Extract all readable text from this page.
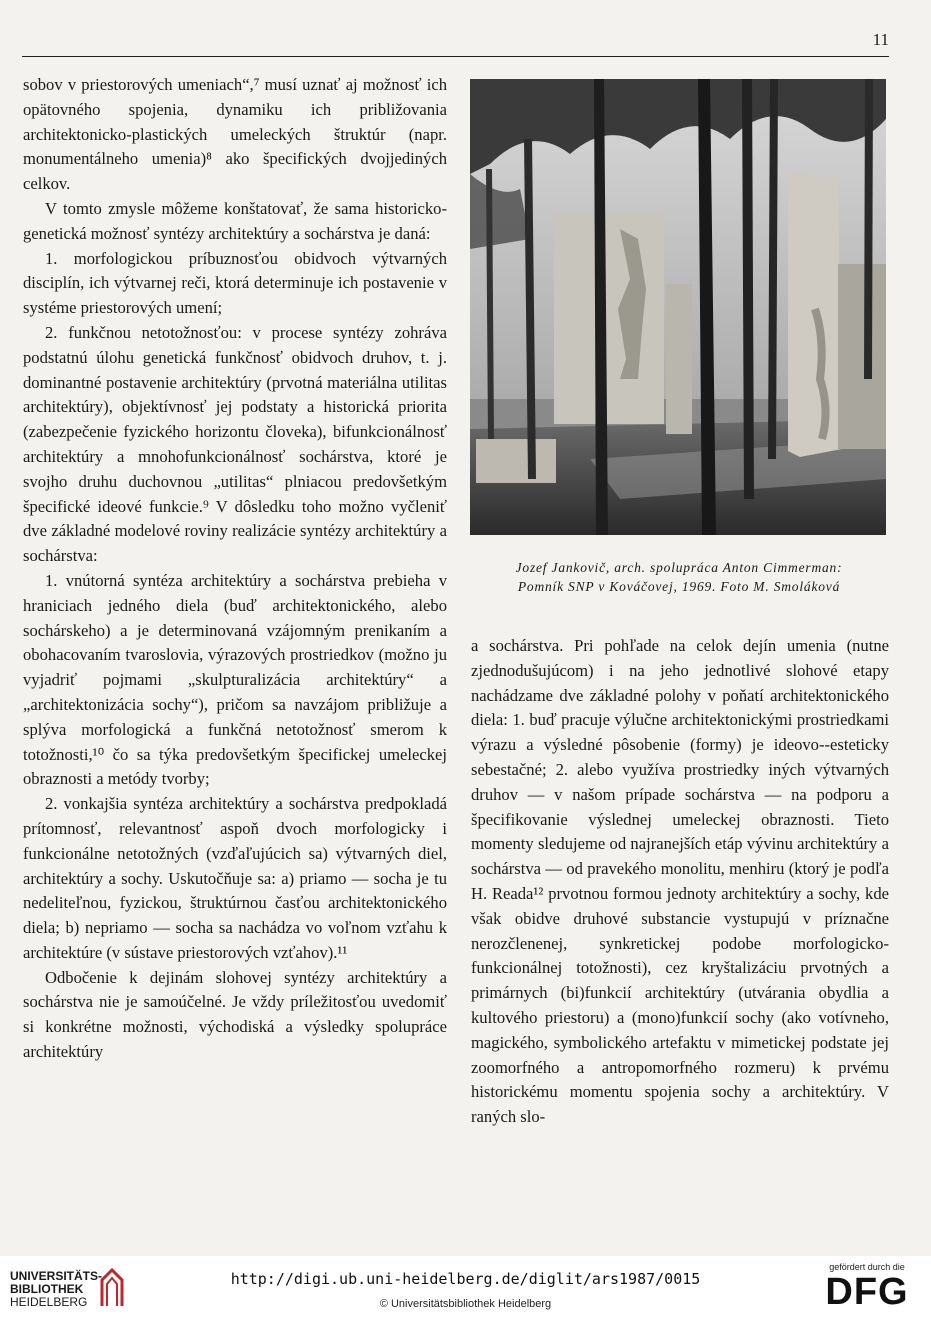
11

sobov v priestorových umeniach“,⁷ musí uznať aj možnosť ich opätovného spojenia, dynamiku ich približovania architektonicko-plastických umeleckých štruktúr (napr. monumentálneho umenia)⁸ ako špecifických dvojjediných celkov.

V tomto zmysle môžeme konštatovať, že sama historicko-genetická možnosť syntézy architektúry a sochárstva je daná:

1. morfologickou príbuznosťou obidvoch výtvarných disciplín, ich výtvarnej reči, ktorá determinuje ich postavenie v systéme priestorových umení;

2. funkčnou netotožnosťou: v procese syntézy zohráva podstatnú úlohu genetická funkčnosť obidvoch druhov, t. j. dominantné postavenie architektúry (prvotná materiálna utilitas architektúry), objektívnosť jej podstaty a historická priorita (zabezpečenie fyzického horizontu človeka), bifunkcionálnosť architektúry a mnohofunkcionálnosť sochárstva, ktoré je svojho druhu duchovnou „utilitas“ plniacou predovšetkým špecifické ideové funkcie.⁹ V dôsledku toho možno vyčleniť dve základné modelové roviny realizácie syntézy architektúry a sochárstva:

1. vnútorná syntéza architektúry a sochárstva prebieha v hraniciach jedného diela (buď architektonického, alebo sochárskeho) a je determinovaná vzájomným prenikaním a obohacovaním tvaroslovia, výrazových prostriedkov (možno ju vyjadriť pojmami „skulpturalizácia architektúry“ a „architektonizácia sochy“), pričom sa navzájom približuje a splýva morfologická a funkčná netotožnosť smerom k totožnosti,¹⁰ čo sa týka predovšetkým špecifickej umeleckej obraznosti a metódy tvorby;

2. vonkajšia syntéza architektúry a sochárstva predpokladá prítomnosť, relevantnosť aspoň dvoch morfologicky i funkcionálne netotožných (vzďaľujúcich sa) výtvarných diel, architektúry a sochy. Uskutočňuje sa: a) priamo — socha je tu nedeliteľnou, fyzickou, štruktúrnou časťou architektonického diela; b) nepriamo — socha sa nachádza vo voľnom vzťahu k architektúre (v sústave priestorových vzťahov).¹¹

Odbočenie k dejinám slohovej syntézy architektúry a sochárstva nie je samoúčelné. Je vždy príležitosťou uvedomiť si konkrétne možnosti, východiská a výsledky spolupráce architektúry

Jozef Jankovič, arch. spolupráca Anton Cimmerman:
Pomník SNP v Kováčovej, 1969. Foto M. Smoláková

a sochárstva. Pri pohľade na celok dejín umenia (nutne zjednodušujúcom) i na jeho jednotlivé slohové etapy nachádzame dve základné polohy v poňatí architektonického diela: 1. buď pracuje výlučne architektonickými prostriedkami výrazu a výsledné pôsobenie (formy) je ideovo--esteticky sebestačné; 2. alebo využíva prostriedky iných výtvarných druhov — v našom prípade sochárstva — na podporu a špecifikovanie výslednej umeleckej obraznosti. Tieto momenty sledujeme od najranejších etáp vývinu architektúry a sochárstva — od pravekého monolitu, menhiru (ktorý je podľa H. Reada¹² prvotnou formou jednoty architektúry a sochy, kde však obidve druhové substancie vystupujú v príznačne nerozčlenenej, synkretickej podobe morfologicko-funkcionálnej totožnosti), cez kryštalizáciu prvotných a primárnych (bi)funkcií architektúry (utvárania obydlia a kultového priestoru) a (mono)funkcií sochy (ako votívneho, magického, symbolického artefaktu v mimetickej podstate jej zoomorfného a antropomorfného rozmeru) k prvému historickému momentu spojenia sochy a architektúry. V raných slo-

UNIVERSITÄTS-
BIBLIOTHEK
HEIDELBERG
http://digi.ub.uni-heidelberg.de/diglit/ars1987/0015
© Universitätsbibliothek Heidelberg
gefördert durch die
DFG
